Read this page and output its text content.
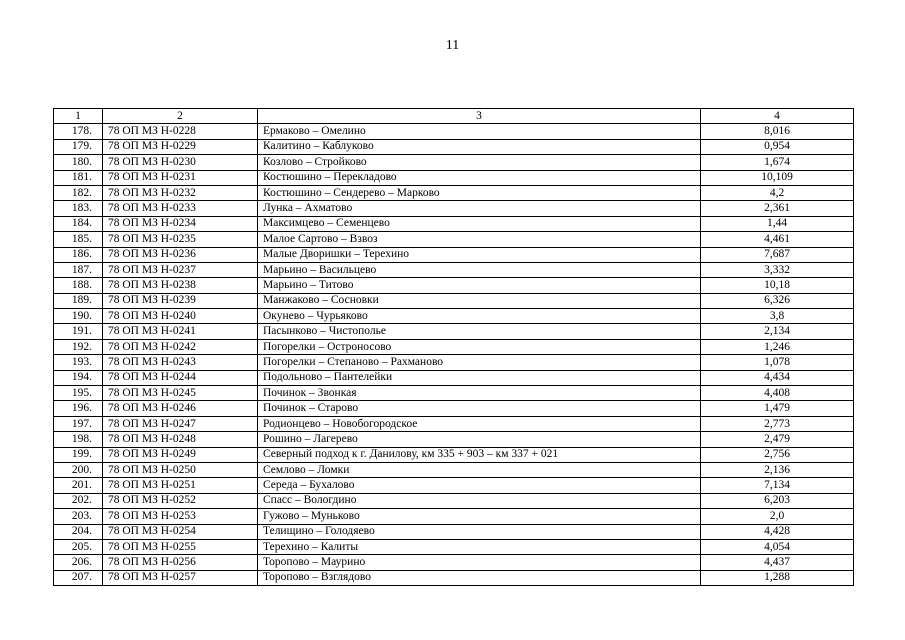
11
1	2	3	4
178.	78 ОП МЗ Н-0228	Ермаково – Омелино	8,016
179.	78 ОП МЗ Н-0229	Калитино – Каблуково	0,954
180.	78 ОП МЗ Н-0230	Козлово – Стройково	1,674
181.	78 ОП МЗ Н-0231	Костюшино – Перекладово	10,109
182.	78 ОП МЗ Н-0232	Костюшино – Сендерево – Марково	4,2
183.	78 ОП МЗ Н-0233	Лунка – Ахматово	2,361
184.	78 ОП МЗ Н-0234	Максимцево – Семенцево	1,44
185.	78 ОП МЗ Н-0235	Малое Сартово – Взвоз	4,461
186.	78 ОП МЗ Н-0236	Малые Дворишки – Терехино	7,687
187.	78 ОП МЗ Н-0237	Марьино – Васильцево	3,332
188.	78 ОП МЗ Н-0238	Марьино – Титово	10,18
189.	78 ОП МЗ Н-0239	Манжаково – Сосновки	6,326
190.	78 ОП МЗ Н-0240	Окунево – Чурьяково	3,8
191.	78 ОП МЗ Н-0241	Пасынково – Чистополье	2,134
192.	78 ОП МЗ Н-0242	Погорелки – Остроносово	1,246
193.	78 ОП МЗ Н-0243	Погорелки – Степаново – Рахманово	1,078
194.	78 ОП МЗ Н-0244	Подольново – Пантелейки	4,434
195.	78 ОП МЗ Н-0245	Починок – Звонкая	4,408
196.	78 ОП МЗ Н-0246	Починок – Старово	1,479
197.	78 ОП МЗ Н-0247	Родионцево – Новобогородское	2,773
198.	78 ОП МЗ Н-0248	Рошино – Лагерево	2,479
199.	78 ОП МЗ Н-0249	Северный подход к г. Данилову, км 335 + 903 – км 337 + 021	2,756
200.	78 ОП МЗ Н-0250	Семлово – Ломки	2,136
201.	78 ОП МЗ Н-0251	Середа – Бухалово	7,134
202.	78 ОП МЗ Н-0252	Спасс – Вологдино	6,203
203.	78 ОП МЗ Н-0253	Гужово – Муньково	2,0
204.	78 ОП МЗ Н-0254	Телищино – Голодяево	4,428
205.	78 ОП МЗ Н-0255	Терехино – Калиты	4,054
206.	78 ОП МЗ Н-0256	Торопово – Маурино	4,437
207.	78 ОП МЗ Н-0257	Торопово – Взглядово	1,288
